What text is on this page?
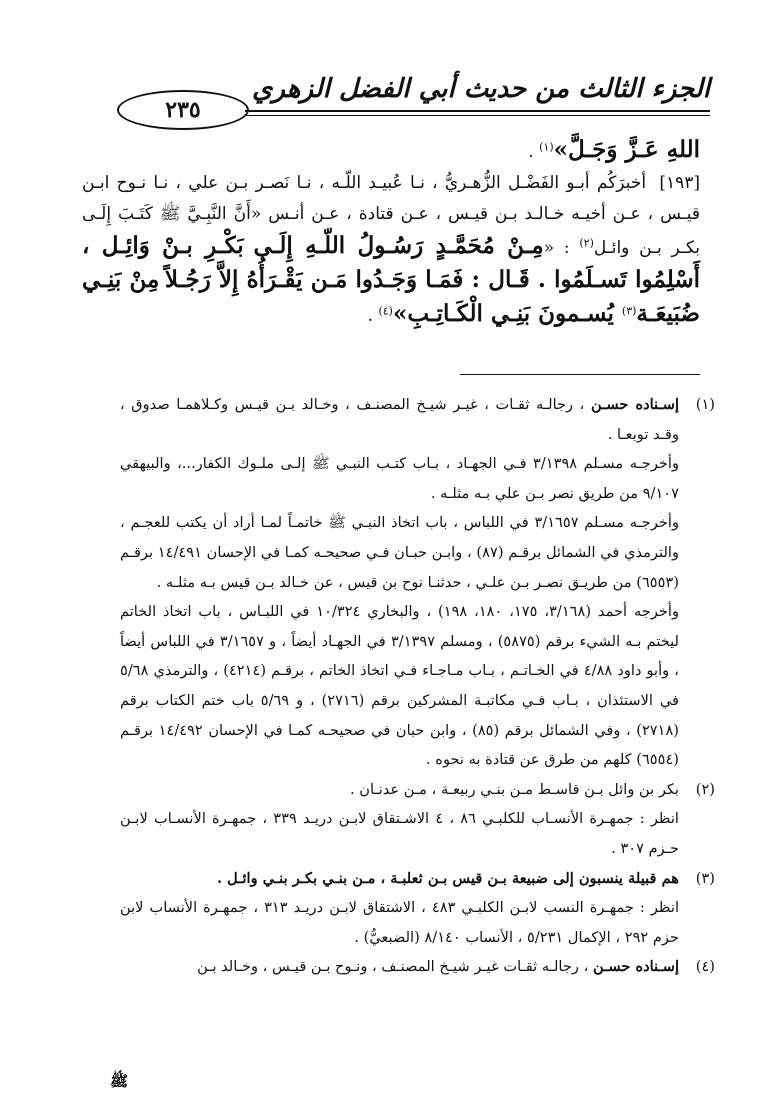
٢٣٥
الجزء الثالث من حديث أبي الفضل الزهري

اللهِ عَـزَّ وَجَـلَّ»$^{(١)}$ .

[١٩٣] أخبرَكُم أبـو الفَضْـل الزُّهـريُّ ، نـا عُبيـد اللّـه ، نـا نَصـر بـن علي ، نـا نـوح ابـن قيـس ، عـن أخيـه خـالـد بـن قيـس ، عـن قتادة ، عـن أنـس «أَنَّ النَّبِـيَّ ﷺ كَتَـبَ إِلَـى بكـر بـن وائـل$^{(٢)}$ : «مِـنْ مُحَمَّـدٍ رَسُـولُ اللّـهِ إِلَـى بَكْـرِ بـنْ وَائِـل ، أَسْلِمُوا تَسـلَمُوا . قَـال : فَمَـا وَجَـدُوا مَـن يَقْـرَأُهُ إِلاَّ رَجُـلاً مِنْ بَنِـي ضُبَيعَـة$^{(٣)}$ يُسـمونَ بَنِـي الْكَـاتِـبِ»$^{(٤)}$ .

(١)

إسـناده حسـن ، رجالـه ثقـات ، غيـر شيـخ المصنـف ، وخـالد بـن قيـس وكـلاهمـا صدوق ، وقـد توبعـا .

وأخرجـه مسـلم ٣/١٣٩٨ فـي الجهـاد ، بـاب كتـب النبـي ﷺ إلـى ملـوك الكفار...، والبيهقي ٩/١٠٧ من طريق نصر بـن علي بـه مثلـه .

وأخرجـه مسـلم ٣/١٦٥٧ في اللباس ، باب اتخاذ النبـي ﷺ خاتمـاً لمـا أراد أن يكتب للعجـم ، والترمذي في الشمائل برقـم (٨٧) ، وابـن حبـان فـي صحيحـه كمـا في الإحسان ١٤/٤٩١ برقـم (٦٥٥٣) من طريـق نصـر بـن علـي ، حدثنـا نوح بن قيس ، عن خـالد بـن قيس بـه مثلـه .

وأخرجه أحمد (٣/١٦٨، ١٧٥، ١٨٠، ١٩٨) ، والبخاري ١٠/٣٢٤ في اللبـاس ، باب اتخاذ الخاتم ليختم بـه الشيء برقم (٥٨٧٥) ، ومسلم ٣/١٣٩٧ في الجهـاد أيضاً ، و ٣/١٦٥٧ في اللباس أيضاً ، وأبو داود ٤/٨٨ في الخـاتـم ، بـاب مـاجـاء فـي اتخاذ الخاتم ، برقـم (٤٢١٤) ، والترمذي ٥/٦٨ في الاستئذان ، بـاب فـي مكاتبـة المشركين برقم (٢٧١٦) ، و ٥/٦٩ باب ختم الكتاب برقم (٢٧١٨) ، وفي الشمائل برقم (٨٥) ، وابن حبان في صحيحـه كمـا في الإحسان ١٤/٤٩٢ برقـم (٦٥٥٤) كلهم من طرق عن قتادة به نحوه .

(٢)

بكر بن وائل بـن قاسـط مـن بنـي ربيعـة ، مـن عدنـان .

انظر : جمهـرة الأنسـاب للكلبـي ٨٦ ، ٤ الاشـتقاق لابـن دريـد ٣٣٩ ، جمهـرة الأنسـاب لابـن حـزم ٣٠٧ .

(٣)

هم قبيلة ينسبون إلى ضبيعة بـن قيس بـن ثعلبـة ، مـن بنـي بكـر بنـي وائـل .

انظر : جمهـرة النسب لابـن الكلبـي ٤٨٣ ، الاشتقاق لابـن دريـد ٣١٣ ، جمهـرة الأنساب لابن حزم ٢٩٢ ، الإكمال ٥/٢٣١ ، الأنساب ٨/١٤٠ (الضبعيُّ) .

(٤)

إسـناده حسـن ، رجالـه ثقـات غيـر شيـخ المصنـف ، ونـوح بـن قيـس ، وخـالد بـن

ﷺ
